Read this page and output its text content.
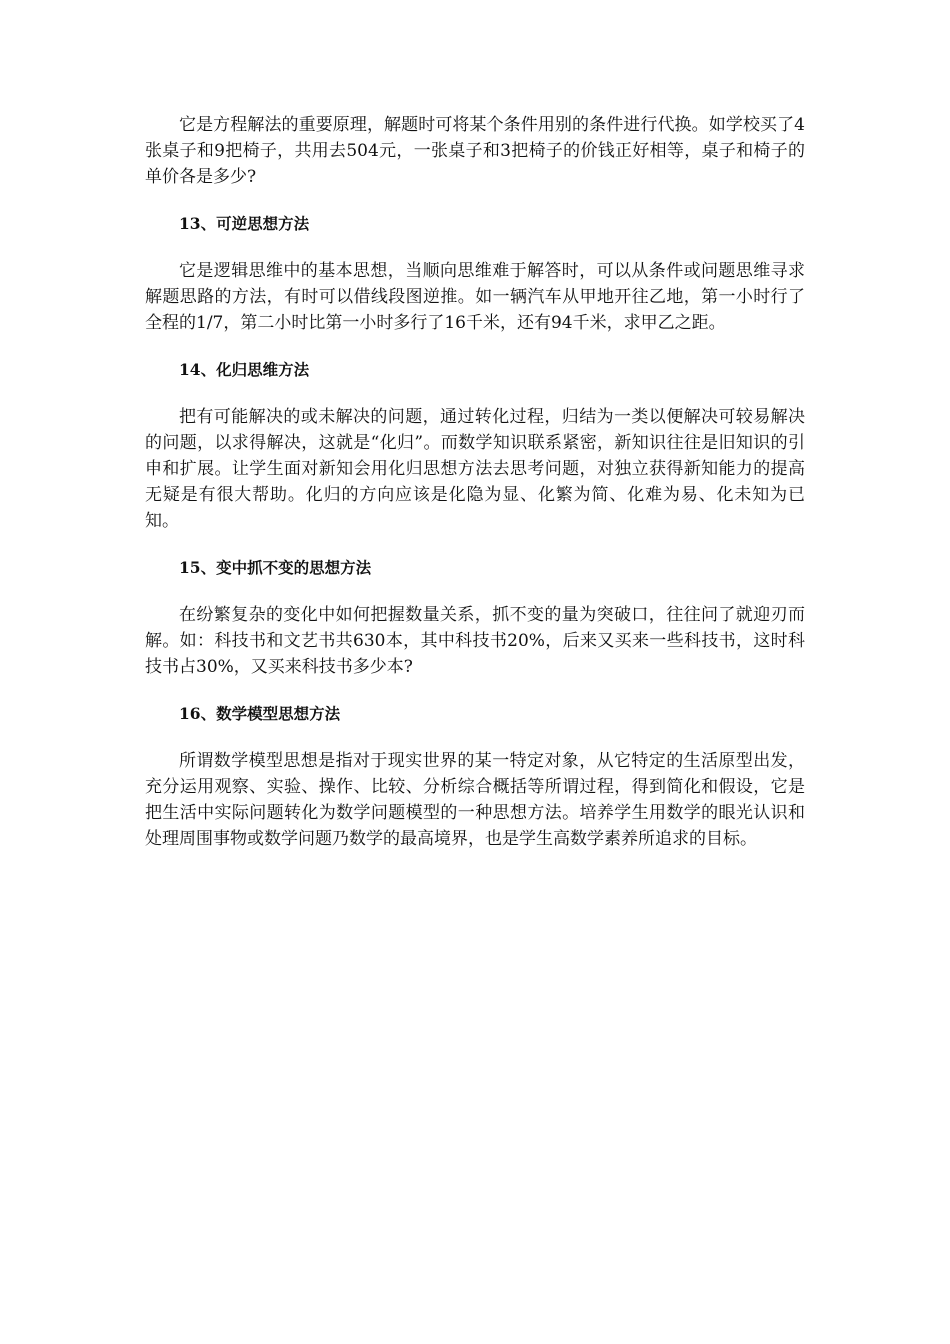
它是方程解法的重要原理，解题时可将某个条件用别的条件进行代换。如学校买了4张桌子和9把椅子，共用去504元，一张桌子和3把椅子的价钱正好相等，桌子和椅子的单价各是多少?

13、可逆思想方法

它是逻辑思维中的基本思想，当顺向思维难于解答时，可以从条件或问题思维寻求解题思路的方法，有时可以借线段图逆推。如一辆汽车从甲地开往乙地，第一小时行了全程的1/7，第二小时比第一小时多行了16千米，还有94千米，求甲乙之距。

14、化归思维方法

把有可能解决的或未解决的问题，通过转化过程，归结为一类以便解决可较易解决的问题，以求得解决，这就是“化归”。而数学知识联系紧密，新知识往往是旧知识的引申和扩展。让学生面对新知会用化归思想方法去思考问题，对独立获得新知能力的提高无疑是有很大帮助。化归的方向应该是化隐为显、化繁为简、化难为易、化未知为已知。

15、变中抓不变的思想方法

在纷繁复杂的变化中如何把握数量关系，抓不变的量为突破口，往往问了就迎刃而解。如：科技书和文艺书共630本，其中科技书20%，后来又买来一些科技书，这时科技书占30%，又买来科技书多少本?

16、数学模型思想方法

所谓数学模型思想是指对于现实世界的某一特定对象，从它特定的生活原型出发，充分运用观察、实验、操作、比较、分析综合概括等所谓过程，得到简化和假设，它是把生活中实际问题转化为数学问题模型的一种思想方法。培养学生用数学的眼光认识和处理周围事物或数学问题乃数学的最高境界，也是学生高数学素养所追求的目标。
